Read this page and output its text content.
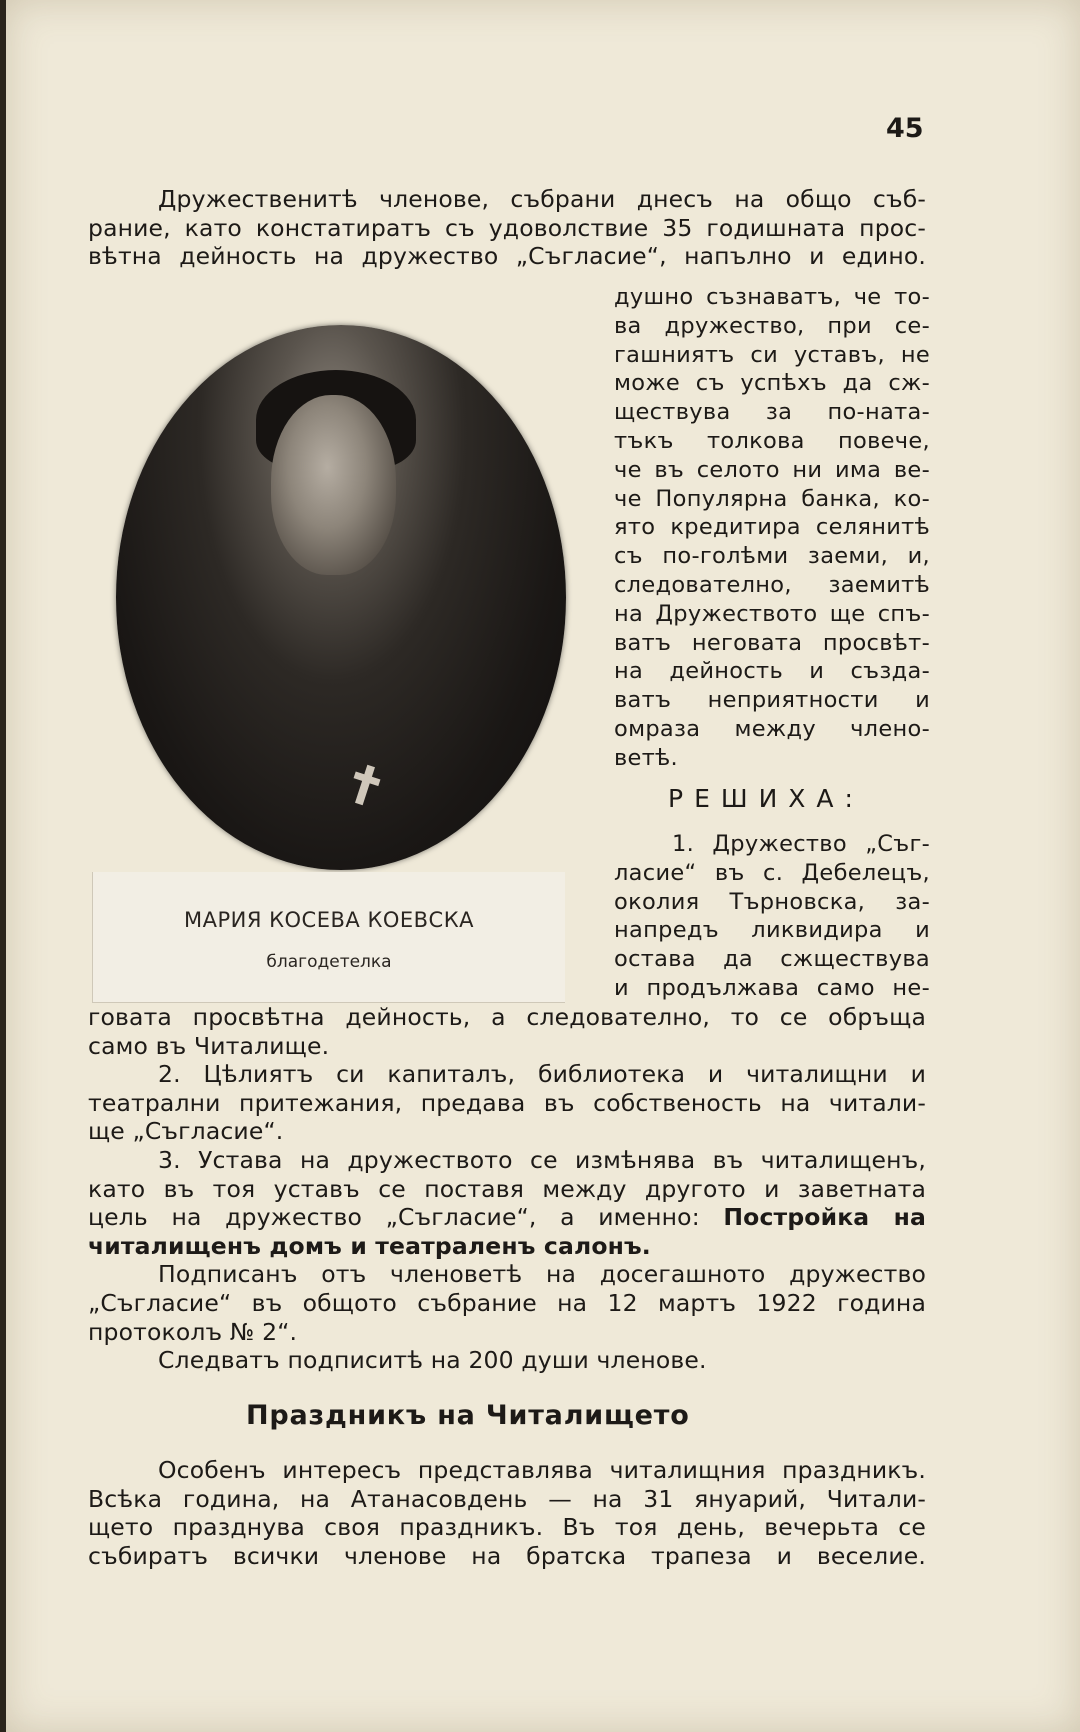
45
Дружественитѣ членове, събрани днесъ на общо съб-
рание, като констатиратъ съ удоволствие 35 годишната прос-
вѣтна дейность на дружество „Съгласие“, напълно и едино.
МАРИЯ КОСЕВА КОЕВСКА
благодетелка
душно съзнаватъ, че то-
ва дружество, при се-
гашниятъ си уставъ, не
може съ успѣхъ да сж-
ществува за по-ната-
тъкъ толкова повече,
че въ селото ни има ве-
че Популярна банка, ко-
ято кредитира селянитѣ
съ по-голѣми заеми, и,
следователно, заемитѣ
на Дружеството ще спъ-
ватъ неговата просвѣт-
на дейность и създа-
ватъ неприятности и
омраза между члено-
ветѣ.
РЕШИХА:
1. Дружество „Съг-
ласие“ въ с. Дебелецъ,
околия Търновска, за-
напредъ ликвидира и
остава да сжществува
и продължава само не-
говата просвѣтна дейность, а следователно, то се обръща
само въ Читалище.
2. Цѣлиятъ си капиталъ, библиотека и читалищни и
театрални притежания, предава въ собственость на читали-
ще „Съгласие“.
3. Устава на дружеството се измѣнява въ читалищенъ,
като въ тоя уставъ се поставя между другото и заветната
цель на дружество „Съгласие“, а именно: Постройка на
читалищенъ домъ и театраленъ салонъ.
Подписанъ отъ членоветѣ на досегашното дружество
„Съгласие“ въ общото събрание на 12 мартъ 1922 година
протоколъ № 2“.
Следватъ подписитѣ на 200 души членове.
Праздникъ на Читалището
Особенъ интересъ представлява читалищния праздникъ.
Всѣка година, на Атанасовдень — на 31 януарий, Читали-
щето празднува своя праздникъ. Въ тоя день, вечерьта се
събиратъ всички членове на братска трапеза и веселие.
